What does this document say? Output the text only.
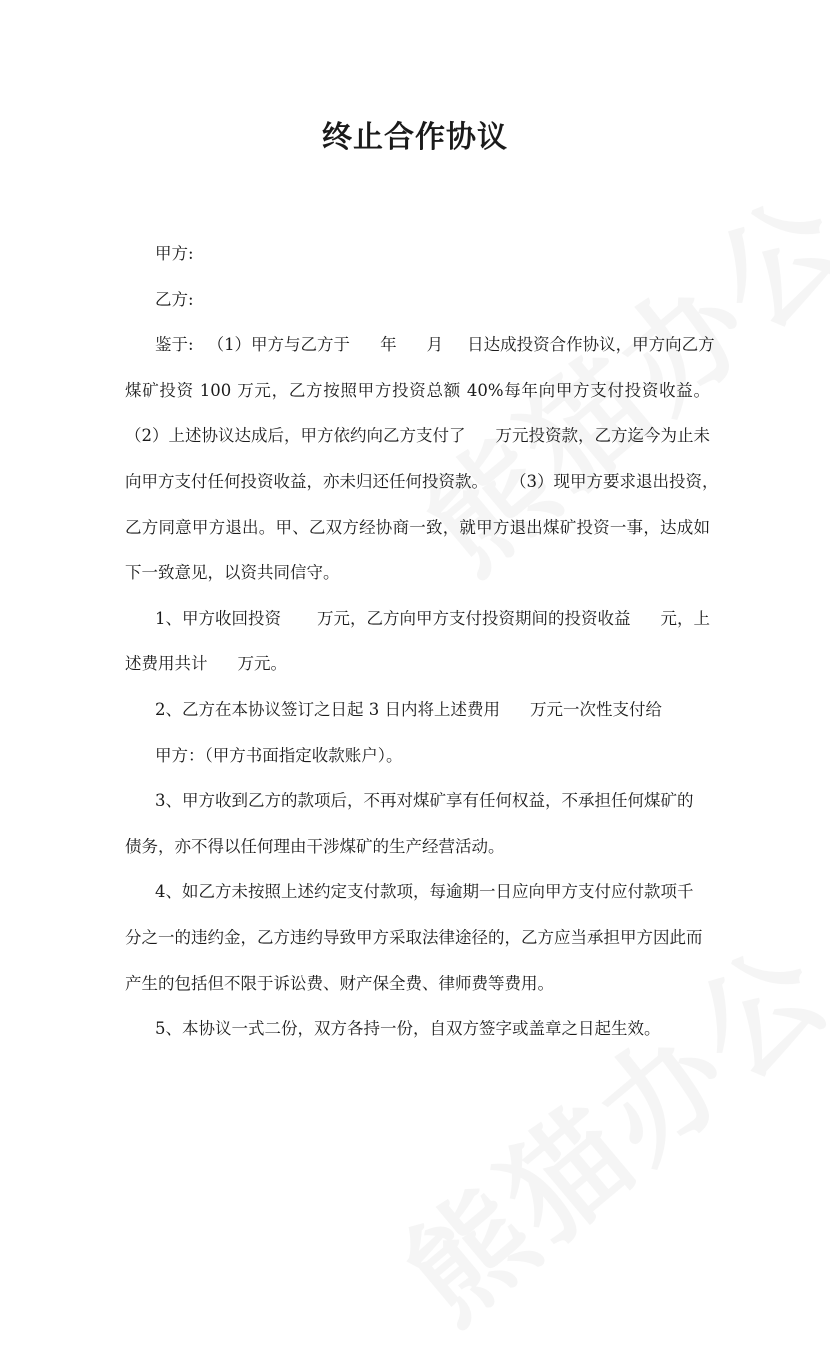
终止合作协议
甲方:
乙方:
鉴于: （1）甲方与乙方于 年 月 日达成投资合作协议，甲方向乙方
煤矿投资 100 万元，乙方按照甲方投资总额 40%每年向甲方支付投资收益。
（2）上述协议达成后，甲方依约向乙方支付了 万元投资款，乙方迄今为止未
向甲方支付任何投资收益，亦未归还任何投资款。 （3）现甲方要求退出投资，
乙方同意甲方退出。甲、乙双方经协商一致，就甲方退出煤矿投资一事，达成如
下一致意见，以资共同信守。
1、甲方收回投资 万元，乙方向甲方支付投资期间的投资收益 元，上
述费用共计 万元。
2、乙方在本协议签订之日起 3 日内将上述费用 万元一次性支付给
甲方：（甲方书面指定收款账户）。
3、甲方收到乙方的款项后，不再对煤矿享有任何权益，不承担任何煤矿的
债务，亦不得以任何理由干涉煤矿的生产经营活动。
4、如乙方未按照上述约定支付款项，每逾期一日应向甲方支付应付款项千
分之一的违约金，乙方违约导致甲方采取法律途径的，乙方应当承担甲方因此而
产生的包括但不限于诉讼费、财产保全费、律师费等费用。
5、本协议一式二份，双方各持一份，自双方签字或盖章之日起生效。
